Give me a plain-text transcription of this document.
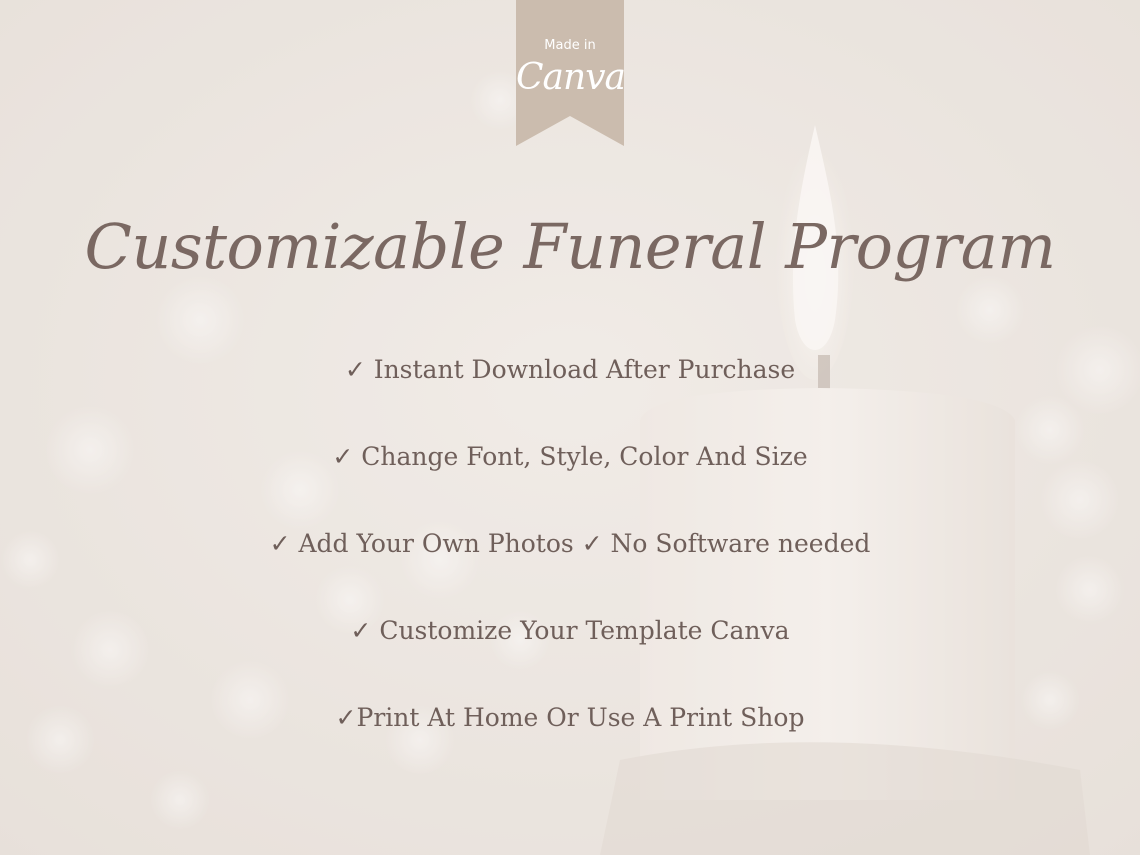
Made in
Canva
Customizable Funeral Program
✓ Instant Download After Purchase
✓ Change Font, Style, Color And Size
✓ Add Your Own Photos ✓ No Software needed
✓ Customize Your Template Canva
✓Print At Home Or Use A Print Shop
